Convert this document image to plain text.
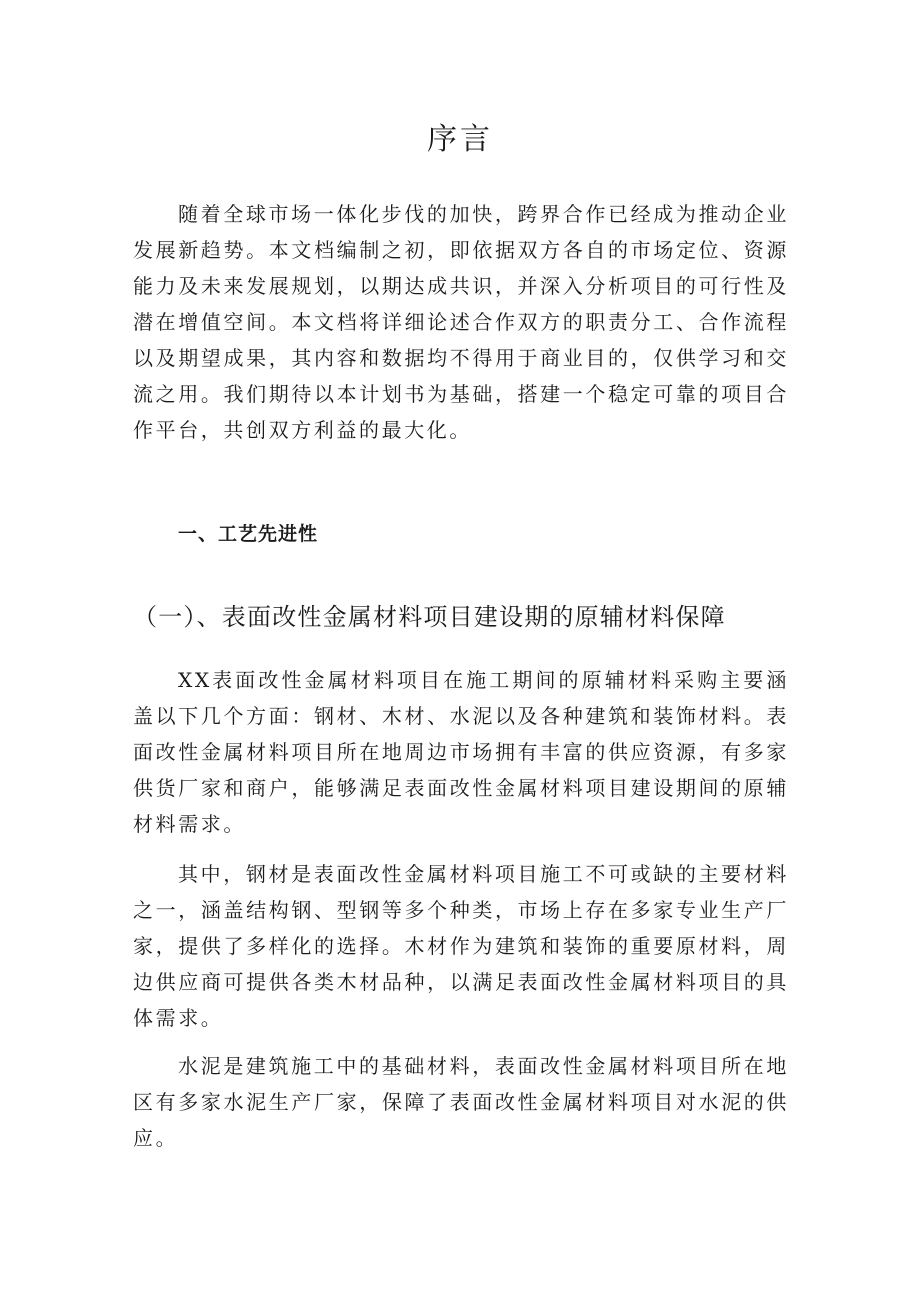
序言

随着全球市场一体化步伐的加快，跨界合作已经成为推动企业发展新趋势。本文档编制之初，即依据双方各自的市场定位、资源能力及未来发展规划，以期达成共识，并深入分析项目的可行性及潜在增值空间。本文档将详细论述合作双方的职责分工、合作流程以及期望成果，其内容和数据均不得用于商业目的，仅供学习和交流之用。我们期待以本计划书为基础，搭建一个稳定可靠的项目合作平台，共创双方利益的最大化。

一、工艺先进性
（一）、表面改性金属材料项目建设期的原辅材料保障

XX表面改性金属材料项目在施工期间的原辅材料采购主要涵盖以下几个方面：钢材、木材、水泥以及各种建筑和装饰材料。表面改性金属材料项目所在地周边市场拥有丰富的供应资源，有多家供货厂家和商户，能够满足表面改性金属材料项目建设期间的原辅材料需求。

其中，钢材是表面改性金属材料项目施工不可或缺的主要材料之一，涵盖结构钢、型钢等多个种类，市场上存在多家专业生产厂家，提供了多样化的选择。木材作为建筑和装饰的重要原材料，周边供应商可提供各类木材品种，以满足表面改性金属材料项目的具体需求。

水泥是建筑施工中的基础材料，表面改性金属材料项目所在地区有多家水泥生产厂家，保障了表面改性金属材料项目对水泥的供应。
